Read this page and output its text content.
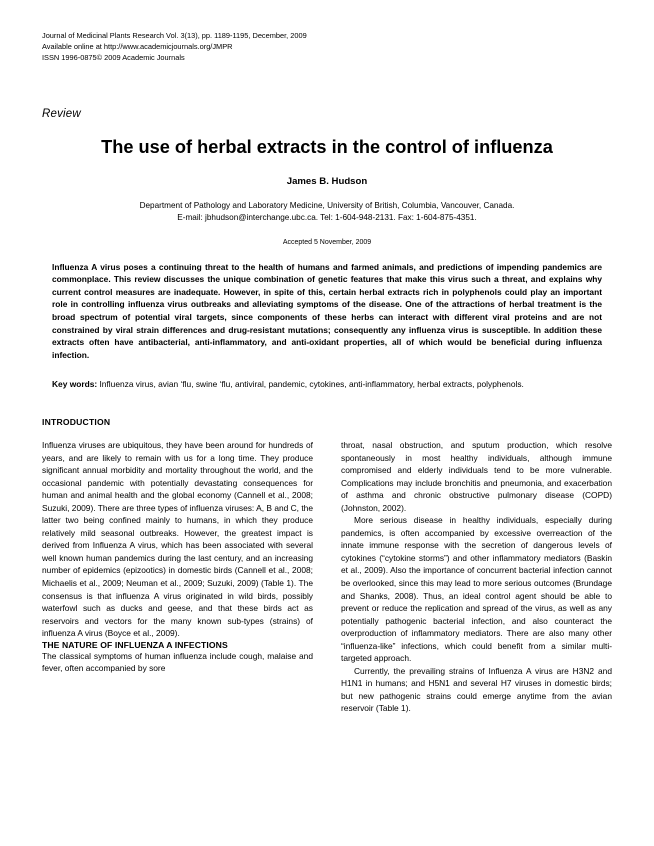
Journal of Medicinal Plants Research Vol. 3(13), pp. 1189-1195, December, 2009
Available online at http://www.academicjournals.org/JMPR
ISSN 1996-0875© 2009 Academic Journals
Review
The use of herbal extracts in the control of influenza
James B. Hudson
Department of Pathology and Laboratory Medicine, University of British, Columbia, Vancouver, Canada.
E-mail: jbhudson@interchange.ubc.ca. Tel: 1-604-948-2131. Fax: 1-604-875-4351.
Accepted 5 November, 2009
Influenza A virus poses a continuing threat to the health of humans and farmed animals, and predictions of impending pandemics are commonplace. This review discusses the unique combination of genetic features that make this virus such a threat, and explains why current control measures are inadequate. However, in spite of this, certain herbal extracts rich in polyphenols could play an important role in controlling influenza virus outbreaks and alleviating symptoms of the disease. One of the attractions of herbal treatment is the broad spectrum of potential viral targets, since components of these herbs can interact with different viral proteins and are not constrained by viral strain differences and drug-resistant mutations; consequently any influenza virus is susceptible. In addition these extracts often have antibacterial, anti-inflammatory, and anti-oxidant properties, all of which would be beneficial during influenza infection.
Key words: Influenza virus, avian ‘flu, swine ‘flu, antiviral, pandemic, cytokines, anti-inflammatory, herbal extracts, polyphenols.
INTRODUCTION

Influenza viruses are ubiquitous, they have been around for hundreds of years, and are likely to remain with us for a long time. They produce significant annual morbidity and mortality throughout the world, and the occasional pandemic with potentially devastating consequences for human and animal health and the global economy (Cannell et al., 2008; Suzuki, 2009). There are three types of influenza viruses: A, B and C, the latter two being confined mainly to humans, in which they produce relatively mild seasonal outbreaks. However, the greatest impact is derived from Influenza A virus, which has been associated with several well known human pandemics during the last century, and an increasing number of epidemics (epizootics) in domestic birds (Cannell et al., 2008; Michaelis et al., 2009; Neuman et al., 2009; Suzuki, 2009) (Table 1). The consensus is that influenza A virus originated in wild birds, possibly waterfowl such as ducks and geese, and that these birds act as reservoirs and vectors for the many known sub-types (strains) of influenza A virus (Boyce et al., 2009).

THE NATURE OF INFLUENZA A INFECTIONS

The classical symptoms of human influenza include cough, malaise and fever, often accompanied by sore

throat, nasal obstruction, and sputum production, which resolve spontaneously in most healthy individuals, although immune compromised and elderly individuals tend to be more vulnerable. Complications may include bronchitis and pneumonia, and exacerbation of asthma and chronic obstructive pulmonary disease (COPD) (Johnston, 2002).

More serious disease in healthy individuals, especially during pandemics, is often accompanied by excessive overreaction of the innate immune response with the secretion of dangerous levels of cytokines (“cytokine storms”) and other inflammatory mediators (Baskin et al., 2009). Also the importance of concurrent bacterial infection cannot be overlooked, since this may lead to more serious outcomes (Brundage and Shanks, 2008). Thus, an ideal control agent should be able to prevent or reduce the replication and spread of the virus, as well as any potentially pathogenic bacterial infection, and also counteract the overproduction of inflammatory mediators. There are also many other “influenza-like” infections, which could benefit from a similar multi-targeted approach.

Currently, the prevailing strains of Influenza A virus are H3N2 and H1N1 in humans; and H5N1 and several H7 viruses in domestic birds; but new pathogenic strains could emerge anytime from the avian reservoir (Table 1).
